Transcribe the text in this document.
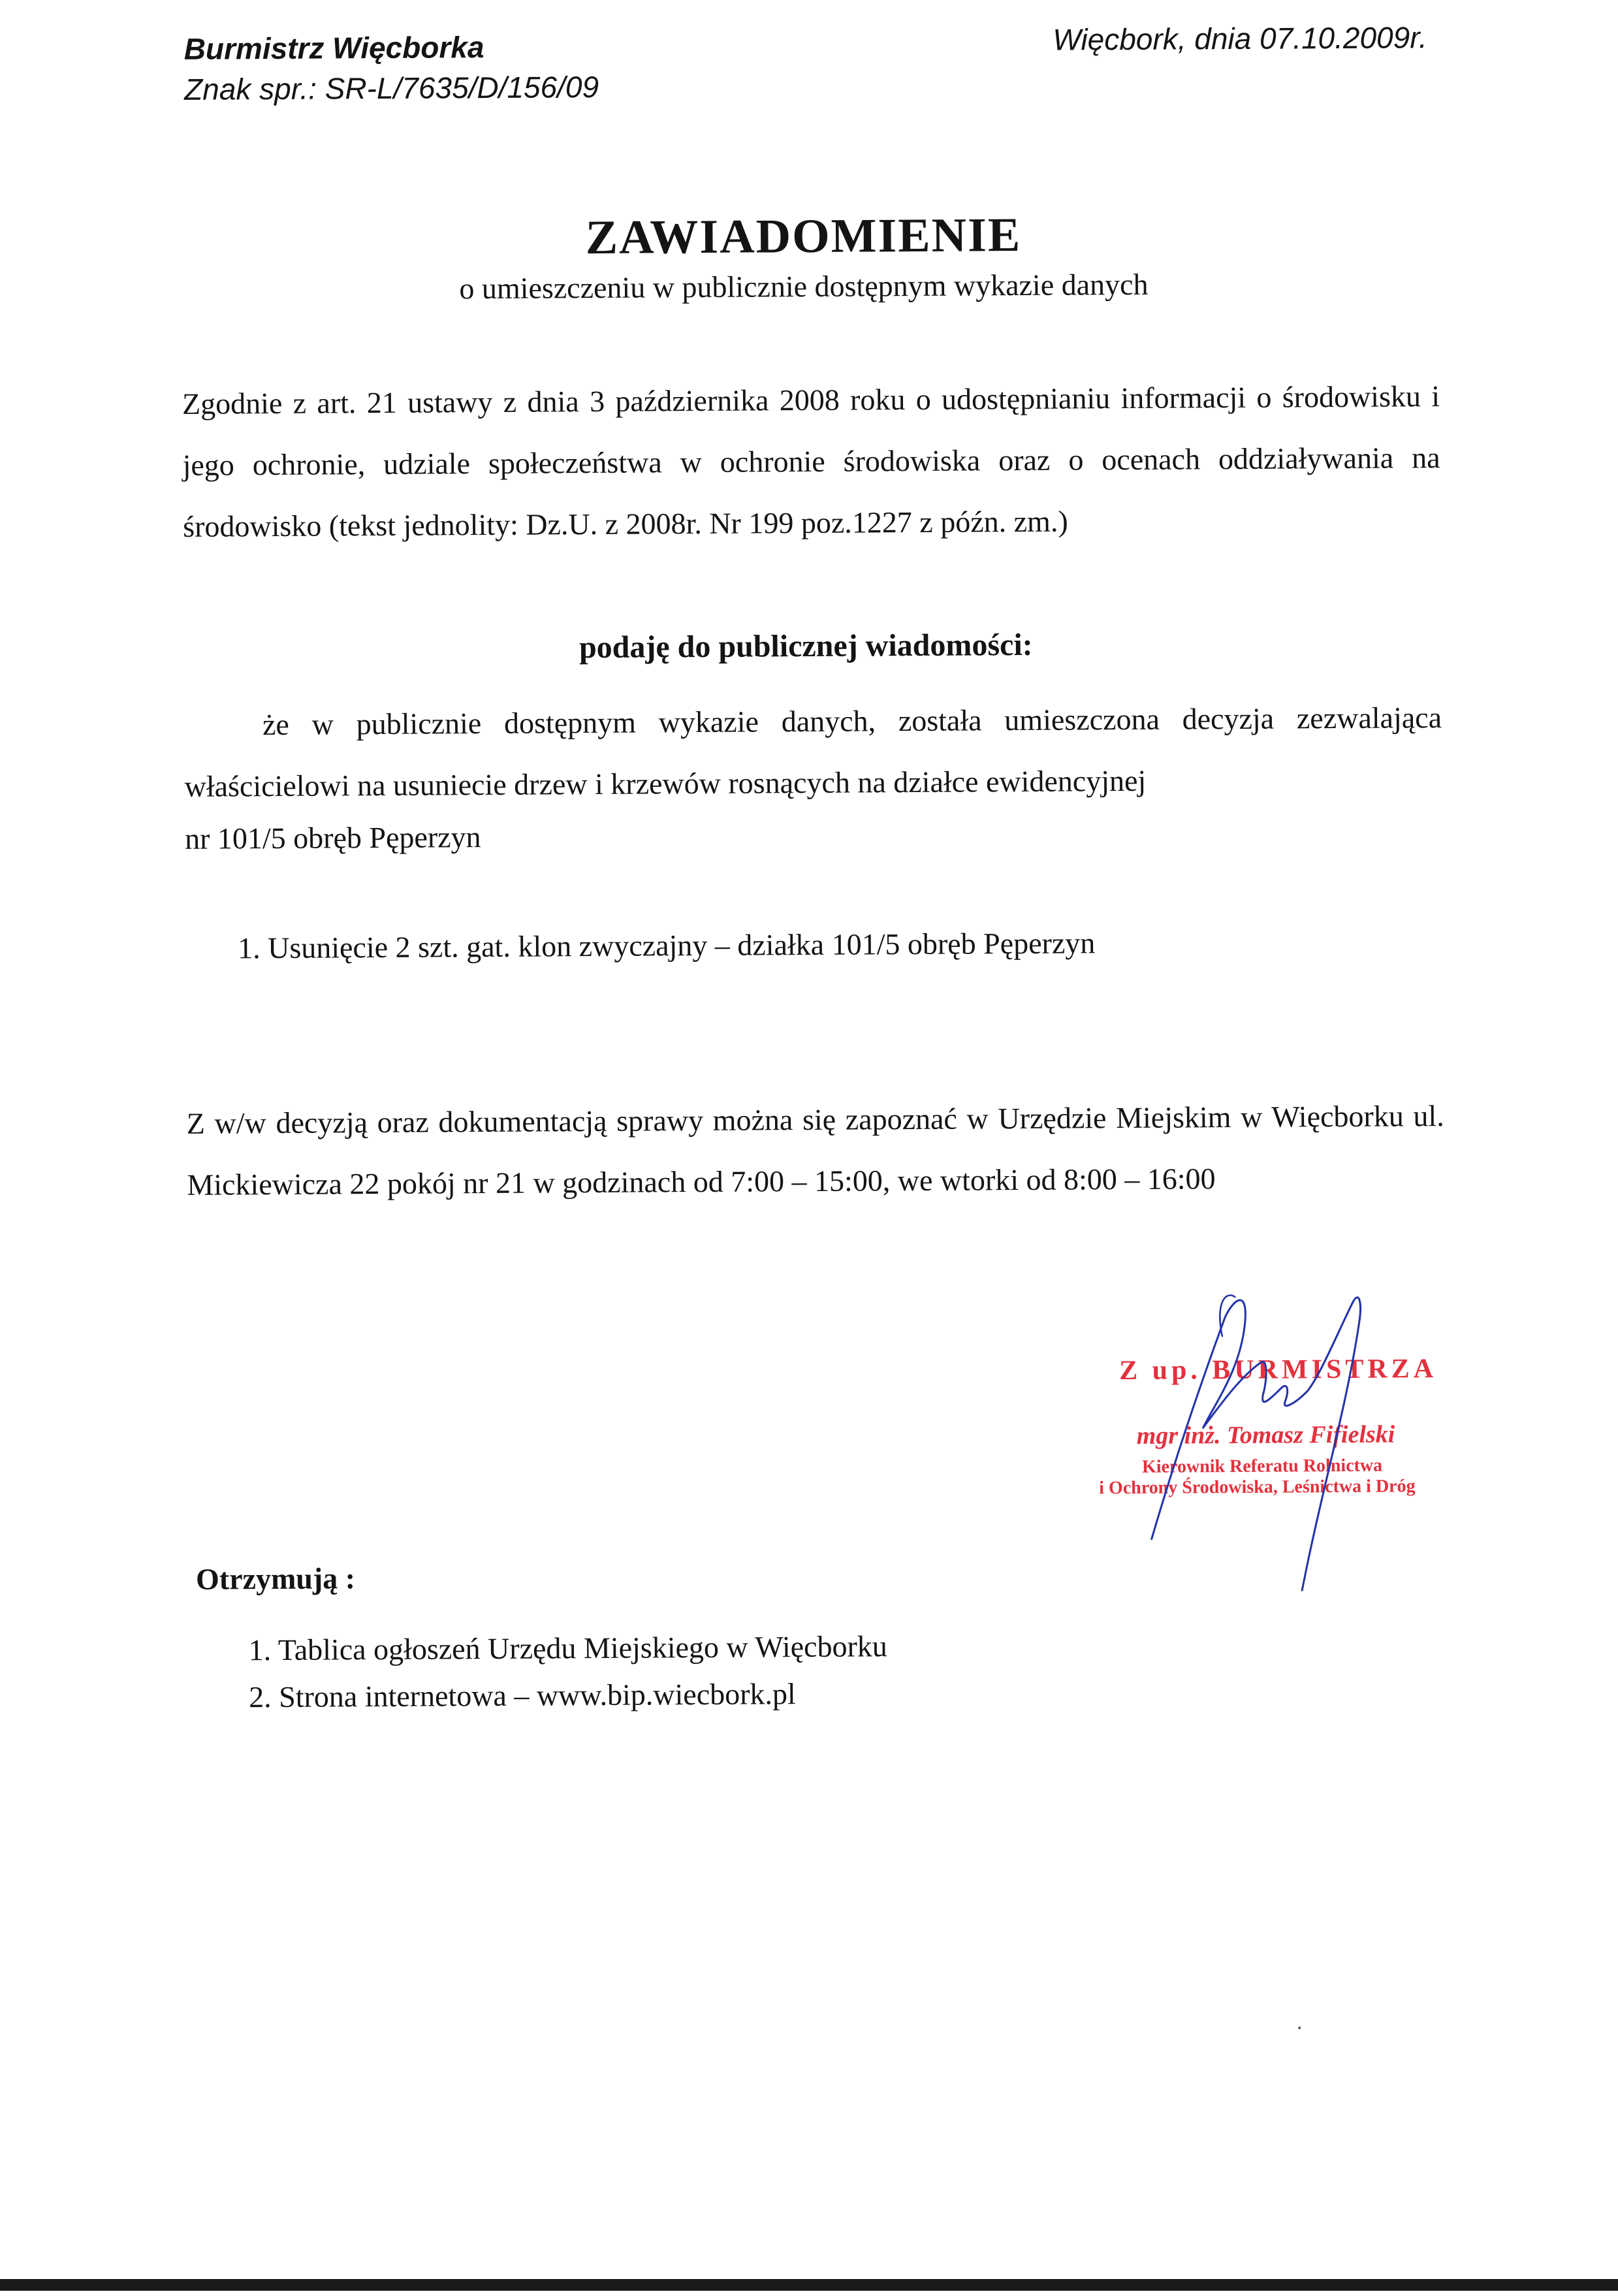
Burmistrz Więcborka
Znak spr.: SR-L/7635/D/156/09
Więcbork, dnia 07.10.2009r.
ZAWIADOMIENIE
o umieszczeniu w publicznie dostępnym wykazie danych
Zgodnie z art. 21 ustawy z dnia 3 października 2008 roku o udostępnianiu informacji o środowisku i jego ochronie, udziale społeczeństwa w ochronie środowiska oraz o ocenach oddziaływania na środowisko (tekst jednolity: Dz.U. z 2008r. Nr 199 poz.1227 z późn. zm.)
podaję do publicznej wiadomości:
że w publicznie dostępnym wykazie danych, została umieszczona decyzja zezwalająca właścicielowi na usuniecie drzew i krzewów rosnących na działce ewidencyjnej
nr 101/5 obręb Pęperzyn
1. Usunięcie 2 szt. gat. klon zwyczajny – działka 101/5 obręb Pęperzyn
Z w/w decyzją oraz dokumentacją sprawy można się zapoznać w Urzędzie Miejskim w Więcborku ul. Mickiewicza 22 pokój nr 21 w godzinach od 7:00 – 15:00, we wtorki od 8:00 – 16:00
Z up. BURMISTRZA
mgr inż. Tomasz Fifielski
Kierownik Referatu Rolnictwa
i Ochrony Środowiska, Leśnictwa i Dróg
Otrzymują :
1. Tablica ogłoszeń Urzędu Miejskiego w Więcborku
2. Strona internetowa – www.bip.wiecbork.pl
